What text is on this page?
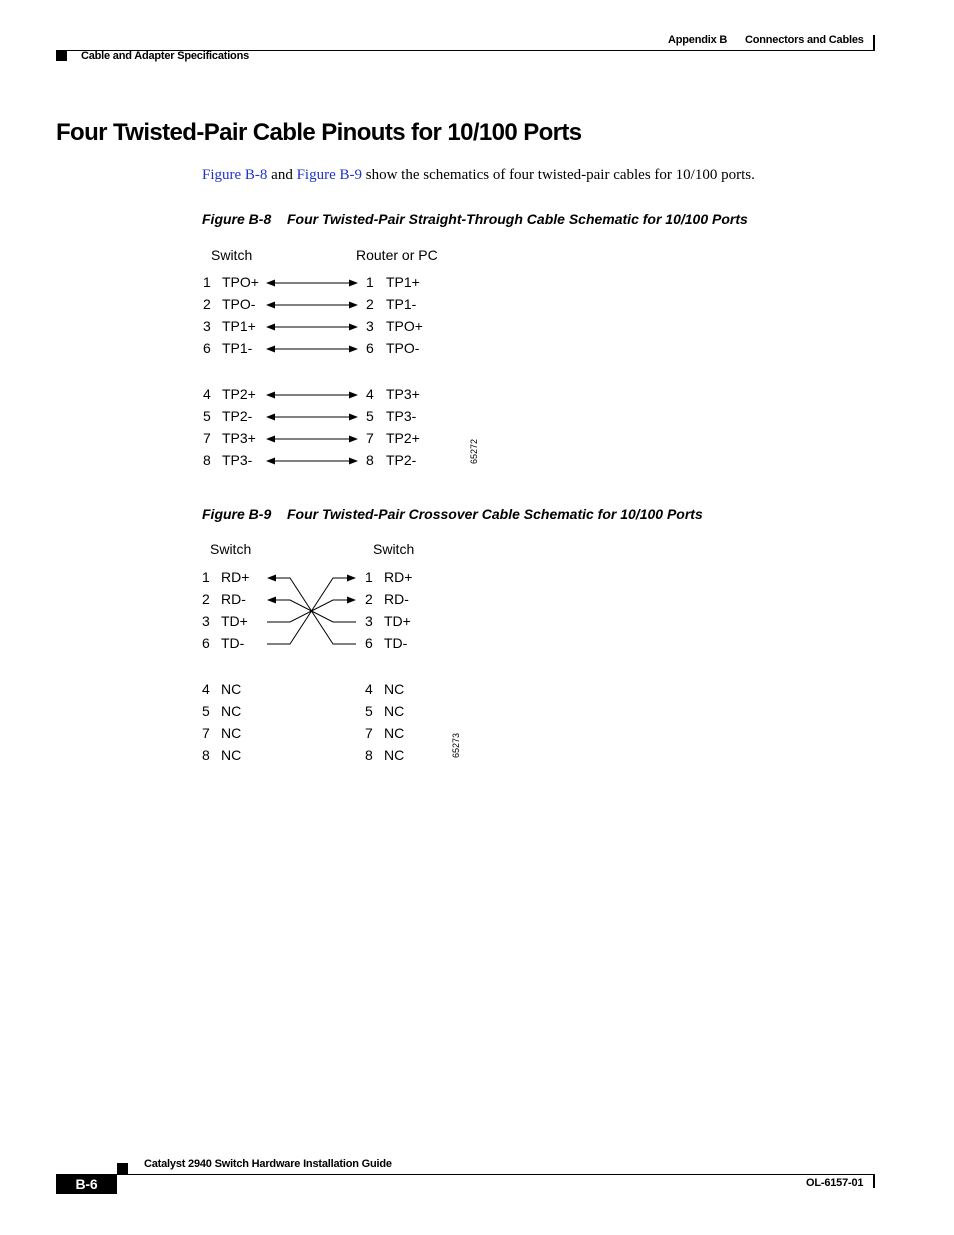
Appendix B Connectors and Cables
Cable and Adapter Specifications
Four Twisted-Pair Cable Pinouts for 10/100 Ports
Figure B-8 and Figure B-9 show the schematics of four twisted-pair cables for 10/100 ports.
Figure B-8 Four Twisted-Pair Straight-Through Cable Schematic for 10/100 Ports
Switch	Router or PC
1 TPO+	1 TP1+
2 TPO-	2 TP1-
3 TP1+	3 TPO+
6 TP1-	6 TPO-
4 TP2+	4 TP3+
5 TP2-	5 TP3-
7 TP3+	7 TP2+
8 TP3-	8 TP2-	65272
Figure B-9 Four Twisted-Pair Crossover Cable Schematic for 10/100 Ports
Switch	Switch
1 RD+	1 RD+
2 RD-	2 RD-
3 TD+	3 TD+
6 TD-	6 TD-
4 NC	4 NC
5 NC	5 NC
7 NC	7 NC
8 NC	8 NC	65273
Catalyst 2940 Switch Hardware Installation Guide
B-6	OL-6157-01
